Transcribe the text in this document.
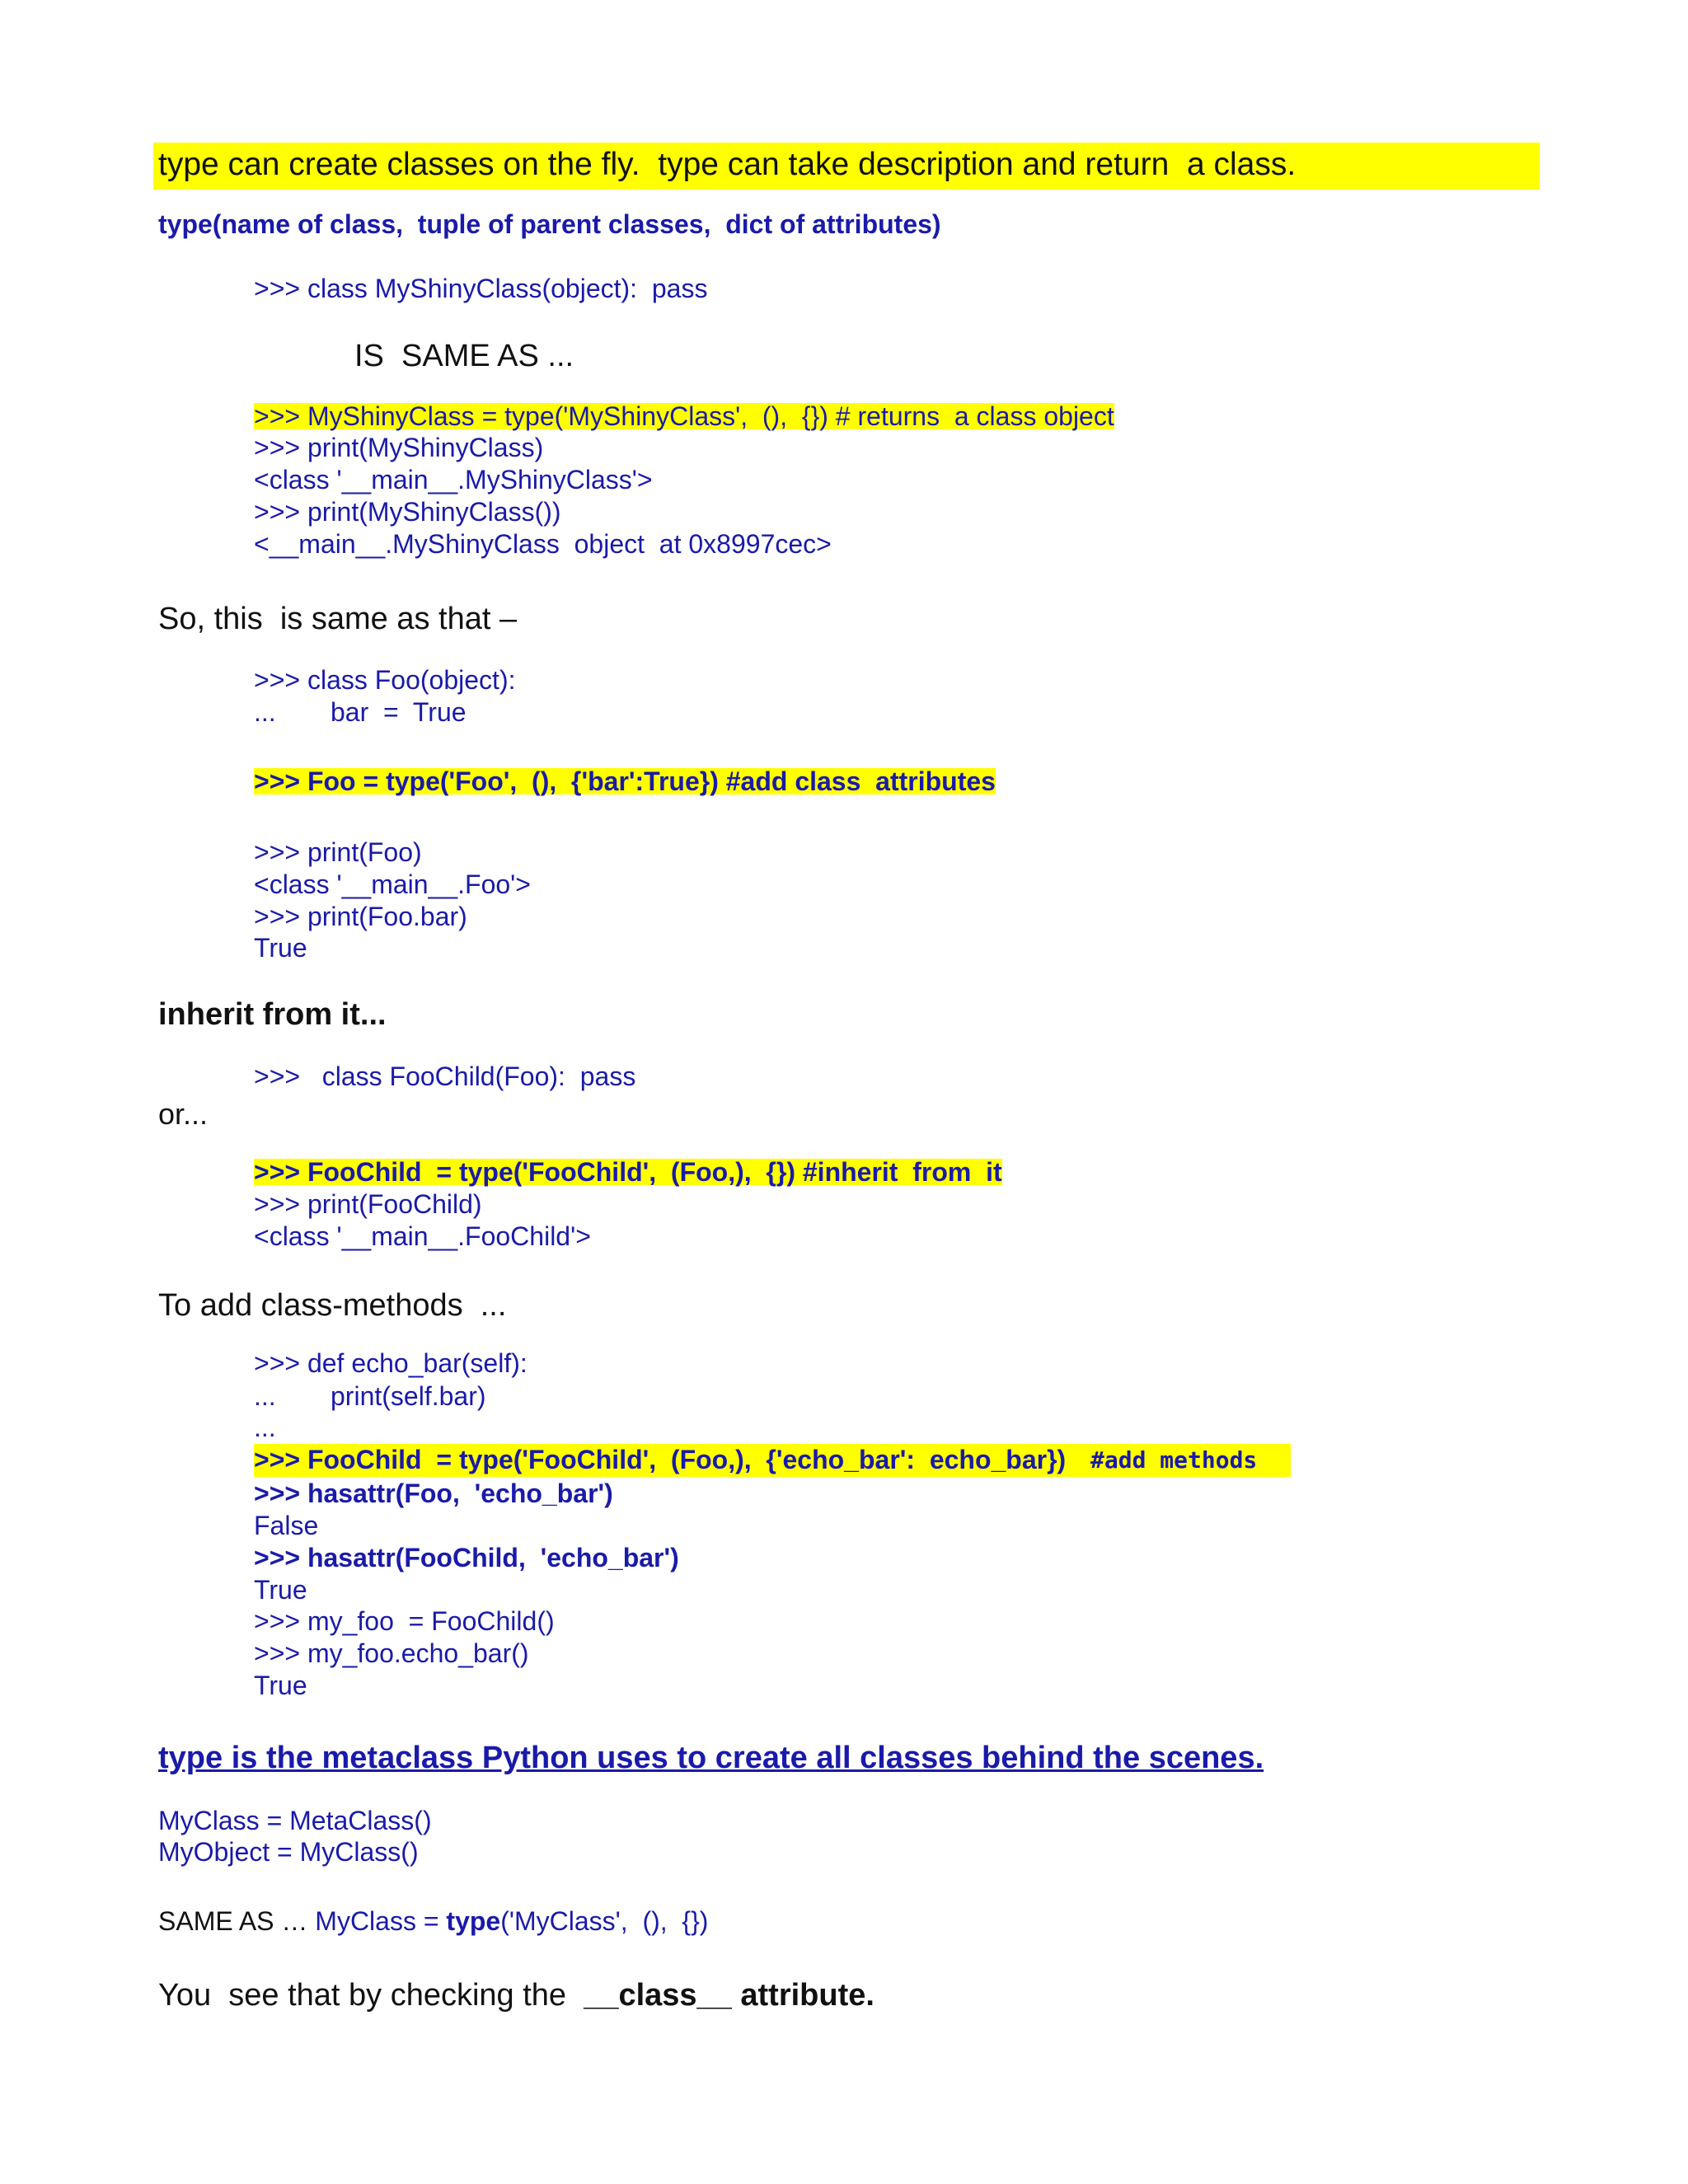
type can create classes on the fly.  type can take description and return  a class.
type(name of class,  tuple of parent classes,  dict of attributes)
>>> class MyShinyClass(object):  pass
IS  SAME AS ...
>>> MyShinyClass = type('MyShinyClass',  (),  {}) # returns  a class object
>>> print(MyShinyClass)
<class '__main__.MyShinyClass'>
>>> print(MyShinyClass())
<__main__.MyShinyClass  object  at 0x8997cec>
So, this  is same as that –
>>> class Foo(object):
... bar  =  True
>>> Foo = type('Foo',  (),  {'bar':True}) #add class  attributes
>>> print(Foo)
<class '__main__.Foo'>
>>> print(Foo.bar)
True
inherit from it...
>>>   class FooChild(Foo):  pass
or...
>>> FooChild  = type('FooChild',  (Foo,),  {}) #inherit  from  it
>>> print(FooChild)
<class '__main__.FooChild'>
To add class-methods  ...
>>> def echo_bar(self):
... print(self.bar)
...

>>> FooChild  = type('FooChild',  (Foo,),  {'echo_bar':  echo_bar})

#add methods

>>> hasattr(Foo,  'echo_bar')
False
>>> hasattr(FooChild,  'echo_bar')
True
>>> my_foo  = FooChild()
>>> my_foo.echo_bar()
True
type is the metaclass Python uses to create all classes behind the scenes.
MyClass = MetaClass()
MyObject = MyClass()
SAME AS … MyClass = type('MyClass',  (),  {})
You  see that by checking the  __class__ attribute.
